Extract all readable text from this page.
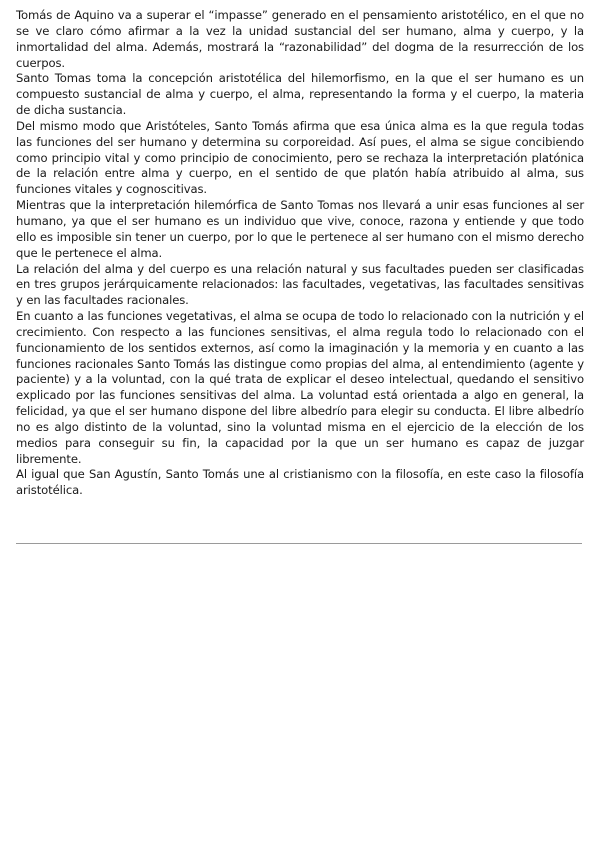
Tomás de Aquino va a superar el “impasse” generado en el pensamiento aristotélico, en el que no se ve claro cómo afirmar a la vez la unidad sustancial del ser humano, alma y cuerpo, y la inmortalidad del alma. Además, mostrará la “razonabilidad” del dogma de la resurrección de los cuerpos.

Santo Tomas toma la concepción aristotélica del hilemorfismo, en la que el ser humano es un compuesto sustancial de alma y cuerpo, el alma, representando la forma y el cuerpo, la materia de dicha sustancia.

Del mismo modo que Aristóteles, Santo Tomás afirma que esa única alma es la que regula todas las funciones del ser humano y determina su corporeidad. Así pues, el alma se sigue concibiendo como principio vital y como principio de conocimiento, pero se rechaza la interpretación platónica de la relación entre alma y cuerpo, en el sentido de que platón había atribuido al alma, sus funciones vitales y cognoscitivas.

Mientras que la interpretación hilemórfica de Santo Tomas nos llevará a unir esas funciones al ser humano, ya que el ser humano es un individuo que vive, conoce, razona y entiende y que todo ello es imposible sin tener un cuerpo, por lo que le pertenece al ser humano con el mismo derecho que le pertenece el alma.

La relación del alma y del cuerpo es una relación natural y sus facultades pueden ser clasificadas en tres grupos jerárquicamente relacionados: las facultades, vegetativas, las facultades sensitivas y en las facultades racionales.

En cuanto a las funciones vegetativas, el alma se ocupa de todo lo relacionado con la nutrición y el crecimiento. Con respecto a las funciones sensitivas, el alma regula todo lo relacionado con el funcionamiento de los sentidos externos, así como la imaginación y la memoria y en cuanto a las funciones racionales Santo Tomás las distingue como propias del alma, al entendimiento (agente y paciente) y a la voluntad, con la qué trata de explicar el deseo intelectual, quedando el sensitivo explicado por las funciones sensitivas del alma. La voluntad está orientada a algo en general, la felicidad, ya que el ser humano dispone del libre albedrío para elegir su conducta. El libre albedrío no es algo distinto de la voluntad, sino la voluntad misma en el ejercicio de la elección de los medios para conseguir su fin, la capacidad por la que un ser humano es capaz de juzgar libremente.

Al igual que San Agustín, Santo Tomás une al cristianismo con la filosofía, en este caso la filosofía aristotélica.
